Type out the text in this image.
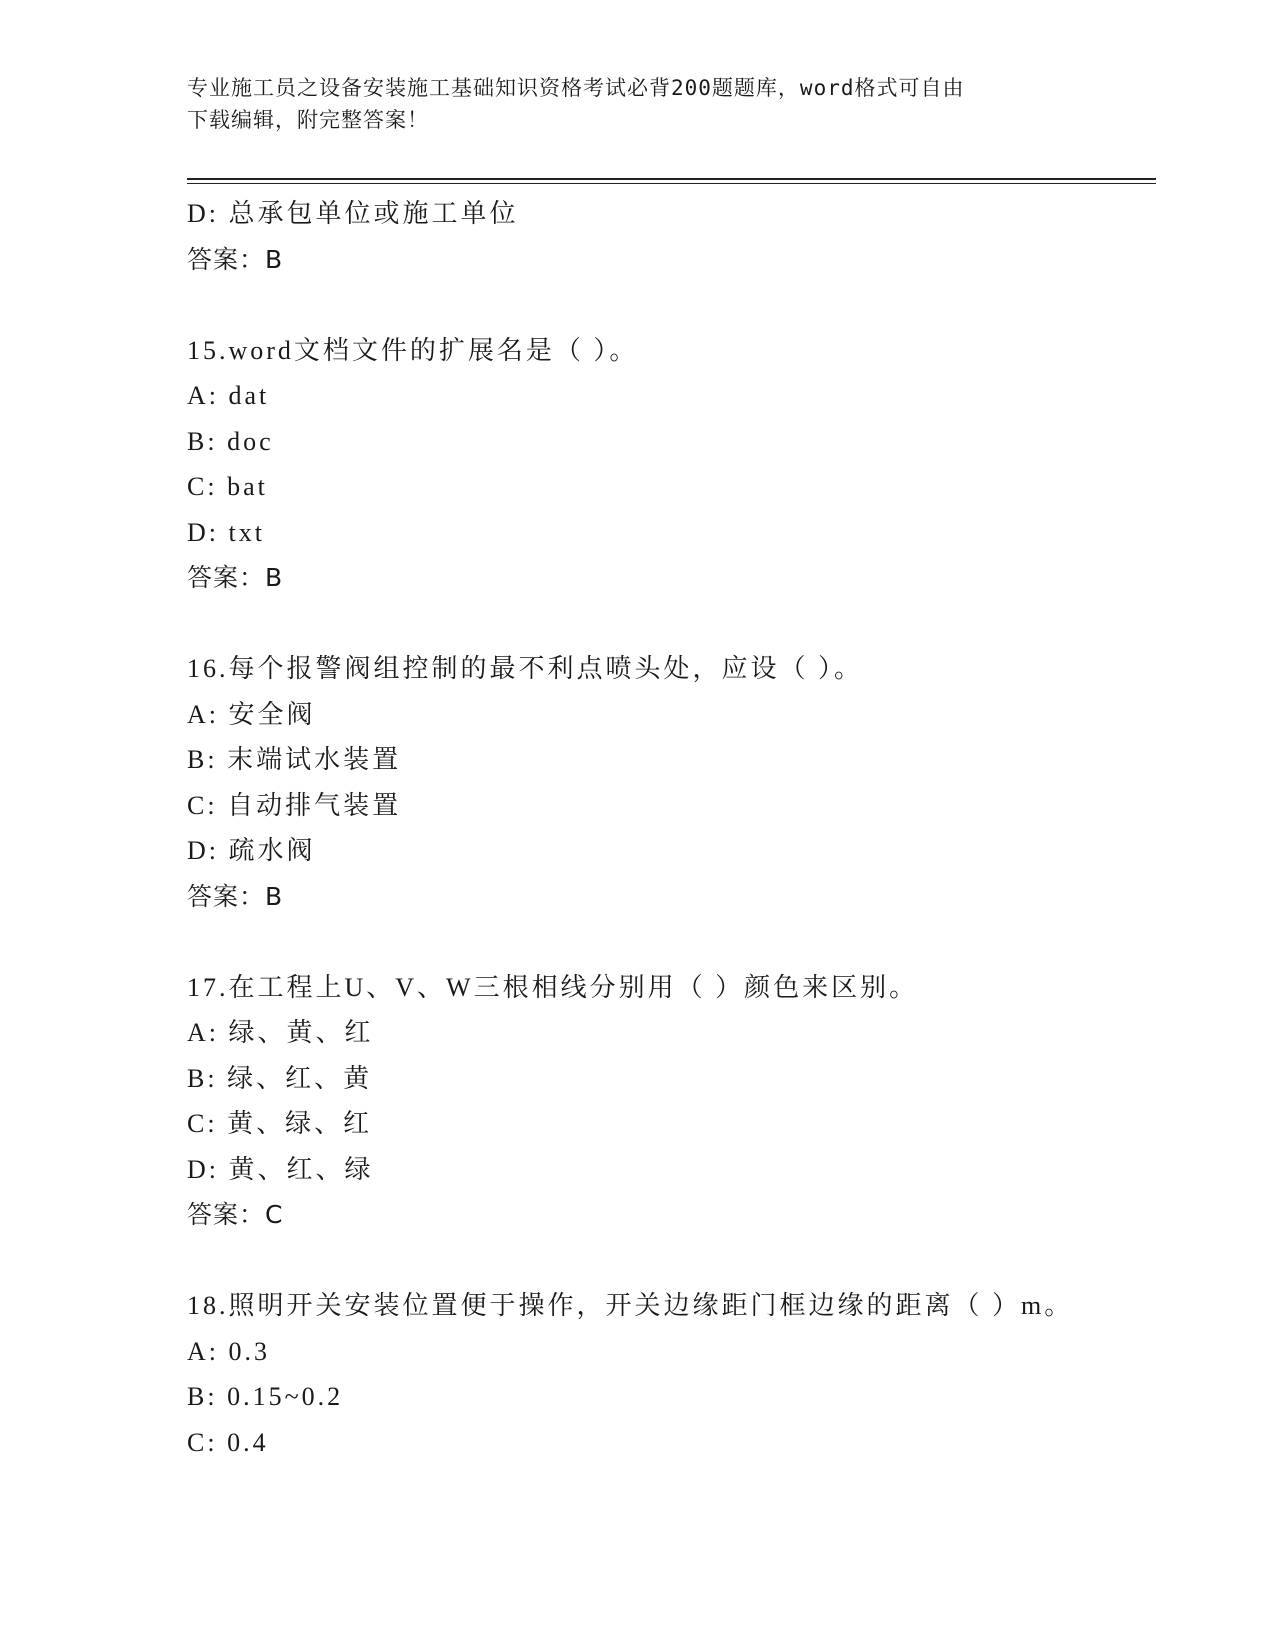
专业施工员之设备安装施工基础知识资格考试必背200题题库，word格式可自由
下载编辑，附完整答案！
D: 总承包单位或施工单位
答案：B
15.word文档文件的扩展名是（ ）。
A: dat
B: doc
C: bat
D: txt
答案：B
16.每个报警阀组控制的最不利点喷头处，应设（ ）。
A: 安全阀
B: 末端试水装置
C: 自动排气装置
D: 疏水阀
答案：B
17.在工程上U、V、W三根相线分别用（ ）颜色来区别。
A: 绿、黄、红
B: 绿、红、黄
C: 黄、绿、红
D: 黄、红、绿
答案：C
18.照明开关安装位置便于操作，开关边缘距门框边缘的距离（ ）m。
A: 0.3
B: 0.15~0.2
C: 0.4
